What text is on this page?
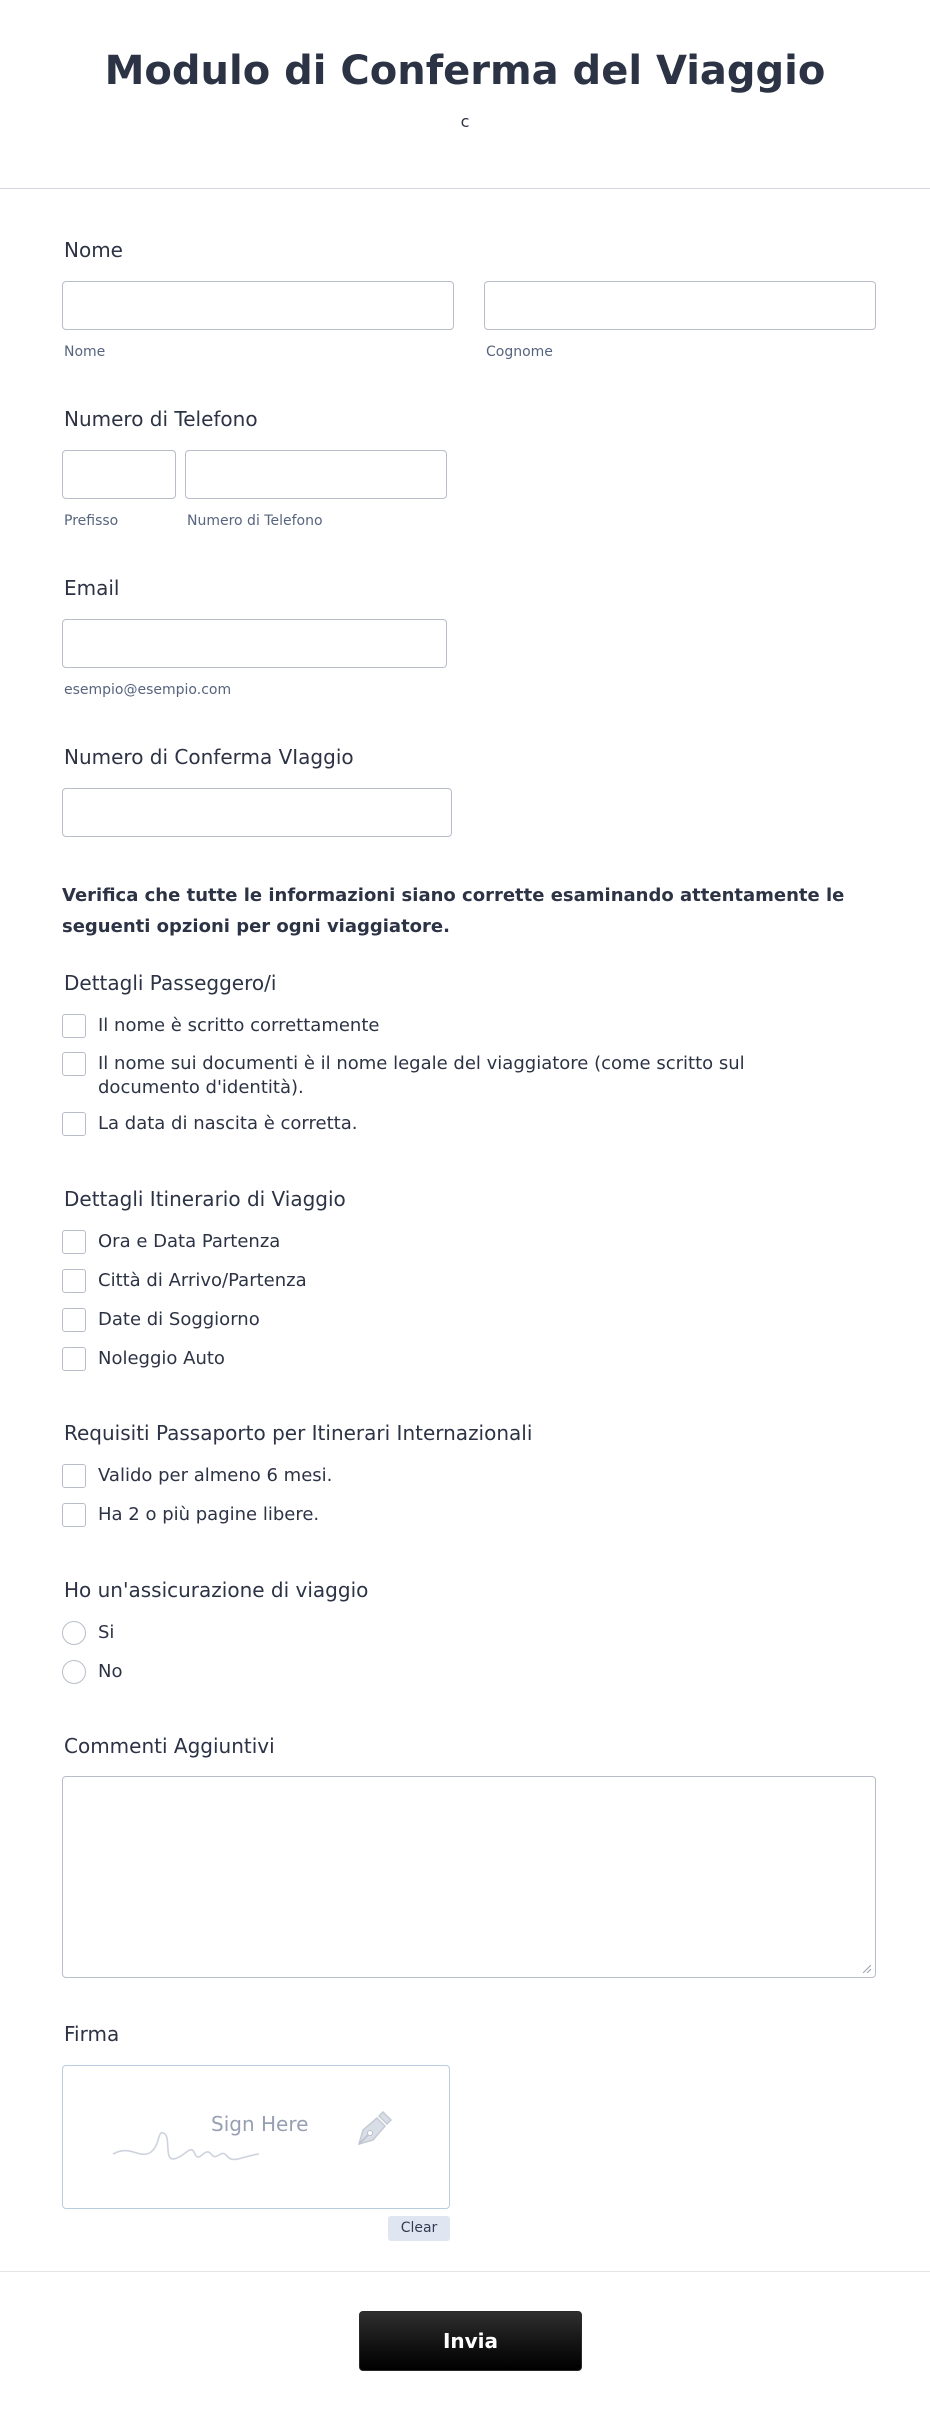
Modulo di Conferma del Viaggio
c
Nome
Nome	Cognome
Numero di Telefono
Prefisso	Numero di Telefono
Email
esempio@esempio.com
Numero di Conferma VIaggio
Verifica che tutte le informazioni siano corrette esaminando attentamente le seguenti opzioni per ogni viaggiatore.
Dettagli Passeggero/i
Il nome è scritto correttamente
Il nome sui documenti è il nome legale del viaggiatore (come scritto sul documento d'identità).
La data di nascita è corretta.
Dettagli Itinerario di Viaggio
Ora e Data Partenza
Città di Arrivo/Partenza
Date di Soggiorno
Noleggio Auto
Requisiti Passaporto per Itinerari Internazionali
Valido per almeno 6 mesi.
Ha 2 o più pagine libere.
Ho un'assicurazione di viaggio
Si
No
Commenti Aggiuntivi
Firma
Sign Here
Clear
Invia
